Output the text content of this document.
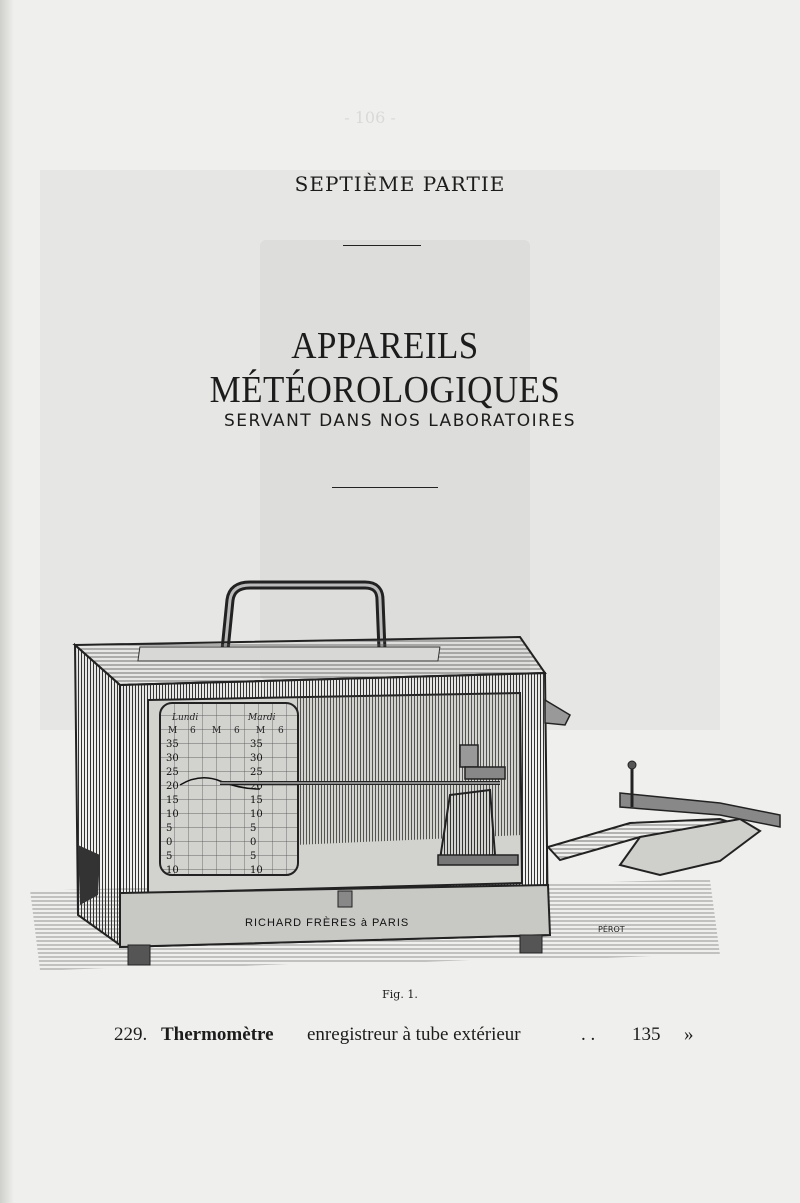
- 106 -
SEPTIÈME PARTIE
APPAREILS MÉTÉOROLOGIQUES
SERVANT DANS NOS LABORATOIRES
Lundi	Mardi
M 6 M 6 M 6
35	35
30	30
25	25
20	20
15	15
10	10
5	5
0	0
5	5
10	10
RICHARD FRÈRES à PARIS
PÉROT
Fig. 1.
229. Thermomètre enregistreur à tube extérieur	. . 135 »
